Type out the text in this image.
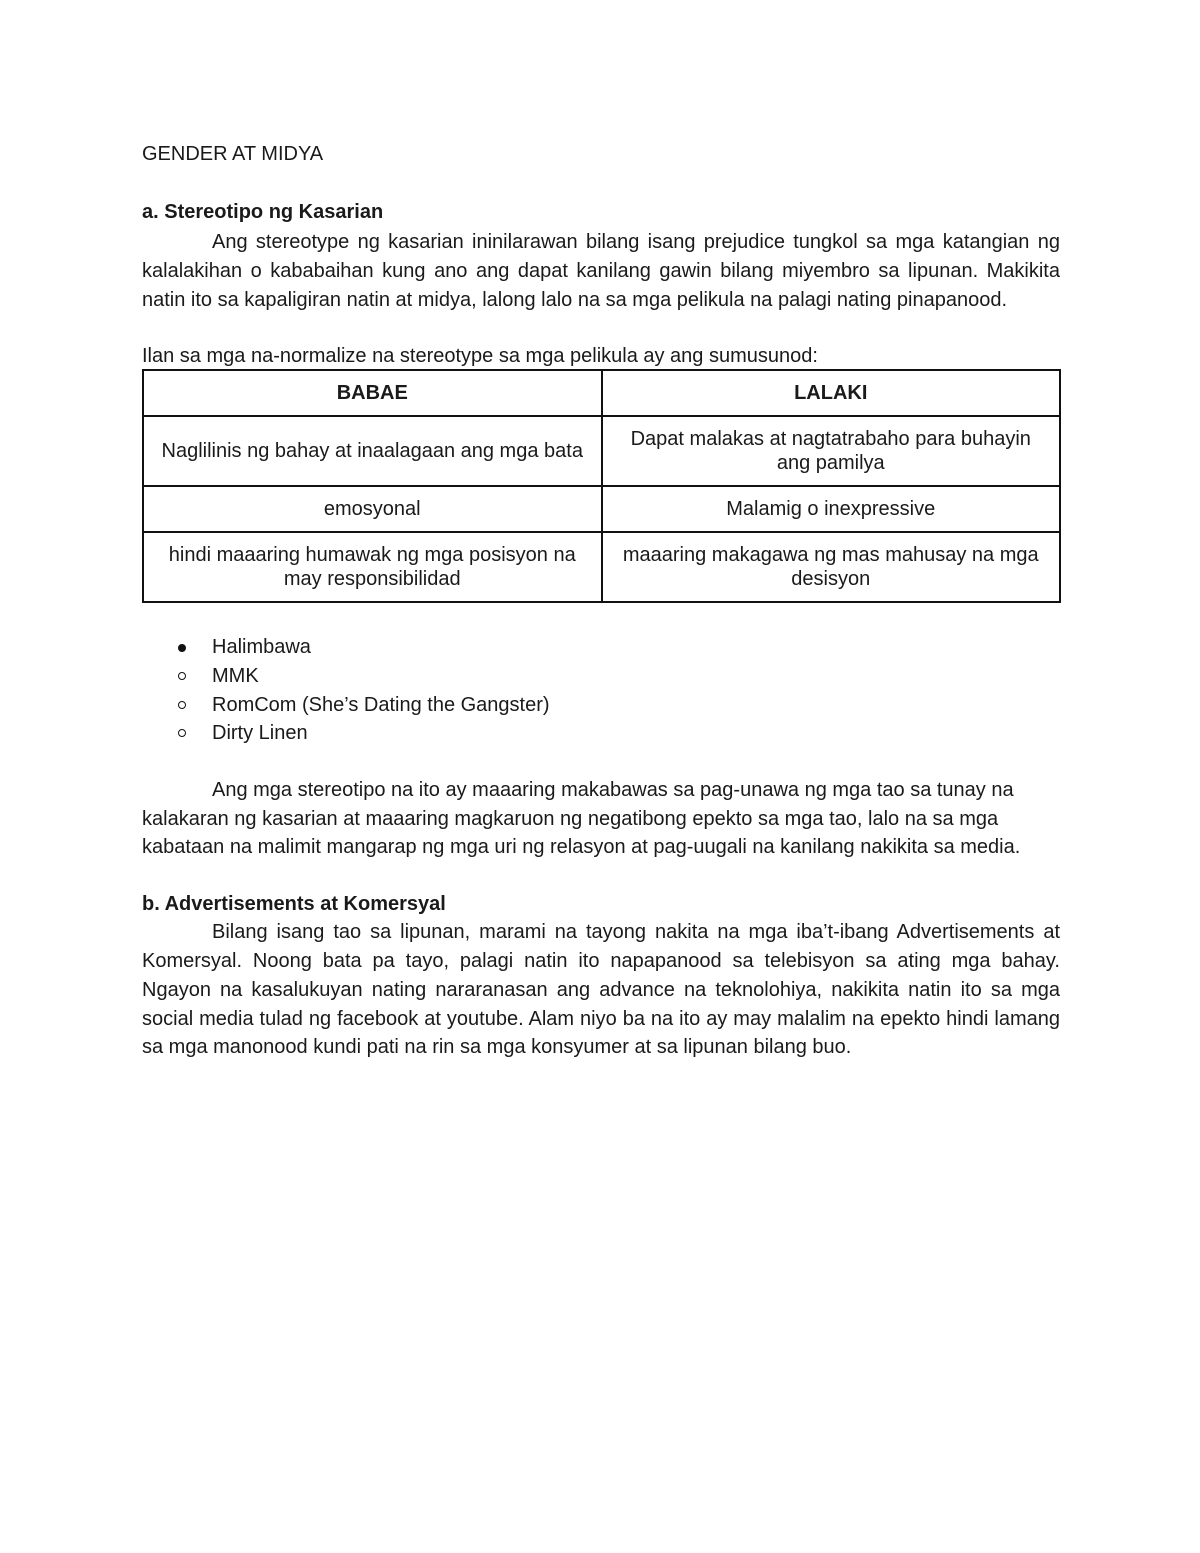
GENDER AT MIDYA
a. Stereotipo ng Kasarian

Ang stereotype ng kasarian ininilarawan bilang isang prejudice tungkol sa mga katangian ng kalalakihan o kababaihan kung ano ang dapat kanilang gawin bilang miyembro sa lipunan. Makikita natin ito sa kapaligiran natin at midya, lalong lalo na sa mga pelikula na palagi nating pinapanood.

Ilan sa mga na-normalize na stereotype sa mga pelikula ay ang sumusunod:

BABAE	LALAKI
Naglilinis ng bahay at inaalagaan ang mga bata	Dapat malakas at nagtatrabaho para buhayin ang pamilya
emosyonal	Malamig o inexpressive
hindi maaaring humawak ng mga posisyon na may responsibilidad	maaaring makagawa ng mas mahusay na mga desisyon
Halimbawa
MMK
RomCom (She’s Dating the Gangster)
Dirty Linen

Ang mga stereotipo na ito ay maaaring makabawas sa pag-unawa ng mga tao sa tunay na kalakaran ng kasarian at maaaring magkaruon ng negatibong epekto sa mga tao, lalo na sa mga kabataan na malimit mangarap ng mga uri ng relasyon at pag-uugali na kanilang nakikita sa media.

b. Advertisements at Komersyal

Bilang isang tao sa lipunan, marami na tayong nakita na mga iba’t-ibang Advertisements at Komersyal. Noong bata pa tayo, palagi natin ito napapanood sa telebisyon sa ating mga bahay. Ngayon na kasalukuyan nating nararanasan ang advance na teknolohiya, nakikita natin ito sa mga social media tulad ng facebook at youtube. Alam niyo ba na ito ay may malalim na epekto hindi lamang sa mga manonood kundi pati na rin sa mga konsyumer at sa lipunan bilang buo.
